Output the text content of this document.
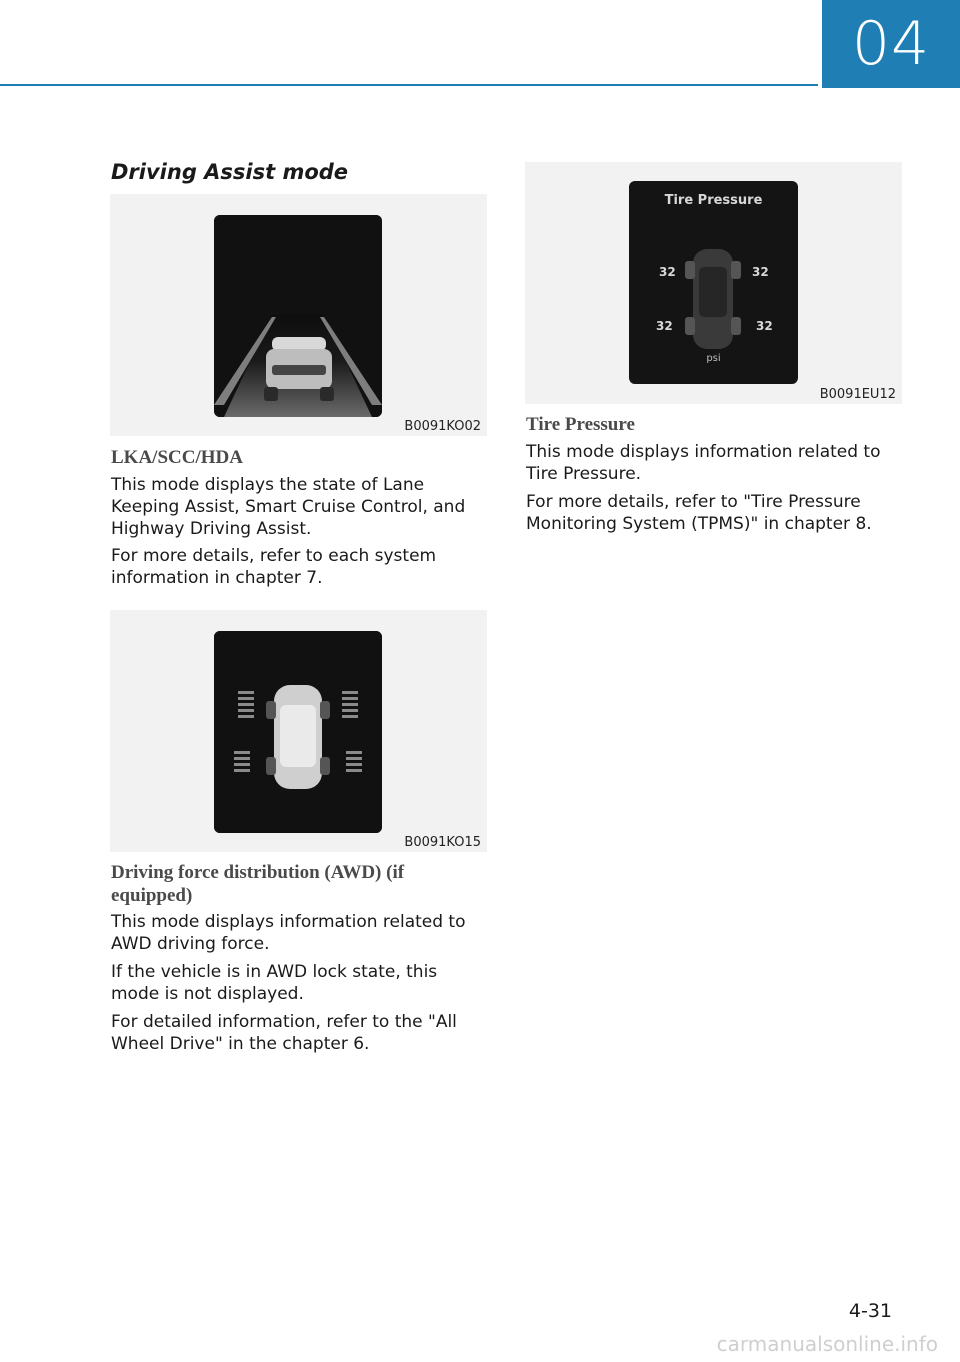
04
Driving Assist mode
B0091KO02
LKA/SCC/HDA
This mode displays the state of Lane Keeping Assist, Smart Cruise Control, and Highway Driving Assist.
For more details, refer to each system information in chapter 7.
B0091KO15
Driving force distribution (AWD) (if equipped)
This mode displays information related to AWD driving force.
If the vehicle is in AWD lock state, this mode is not displayed.
For detailed information, refer to the "All Wheel Drive" in the chapter 6.
Tire Pressure
32	32
32	32
psi
B0091EU12
Tire Pressure
This mode displays information related to Tire Pressure.
For more details, refer to "Tire Pressure Monitoring System (TPMS)" in chapter 8.
4-31
carmanualsonline.info
